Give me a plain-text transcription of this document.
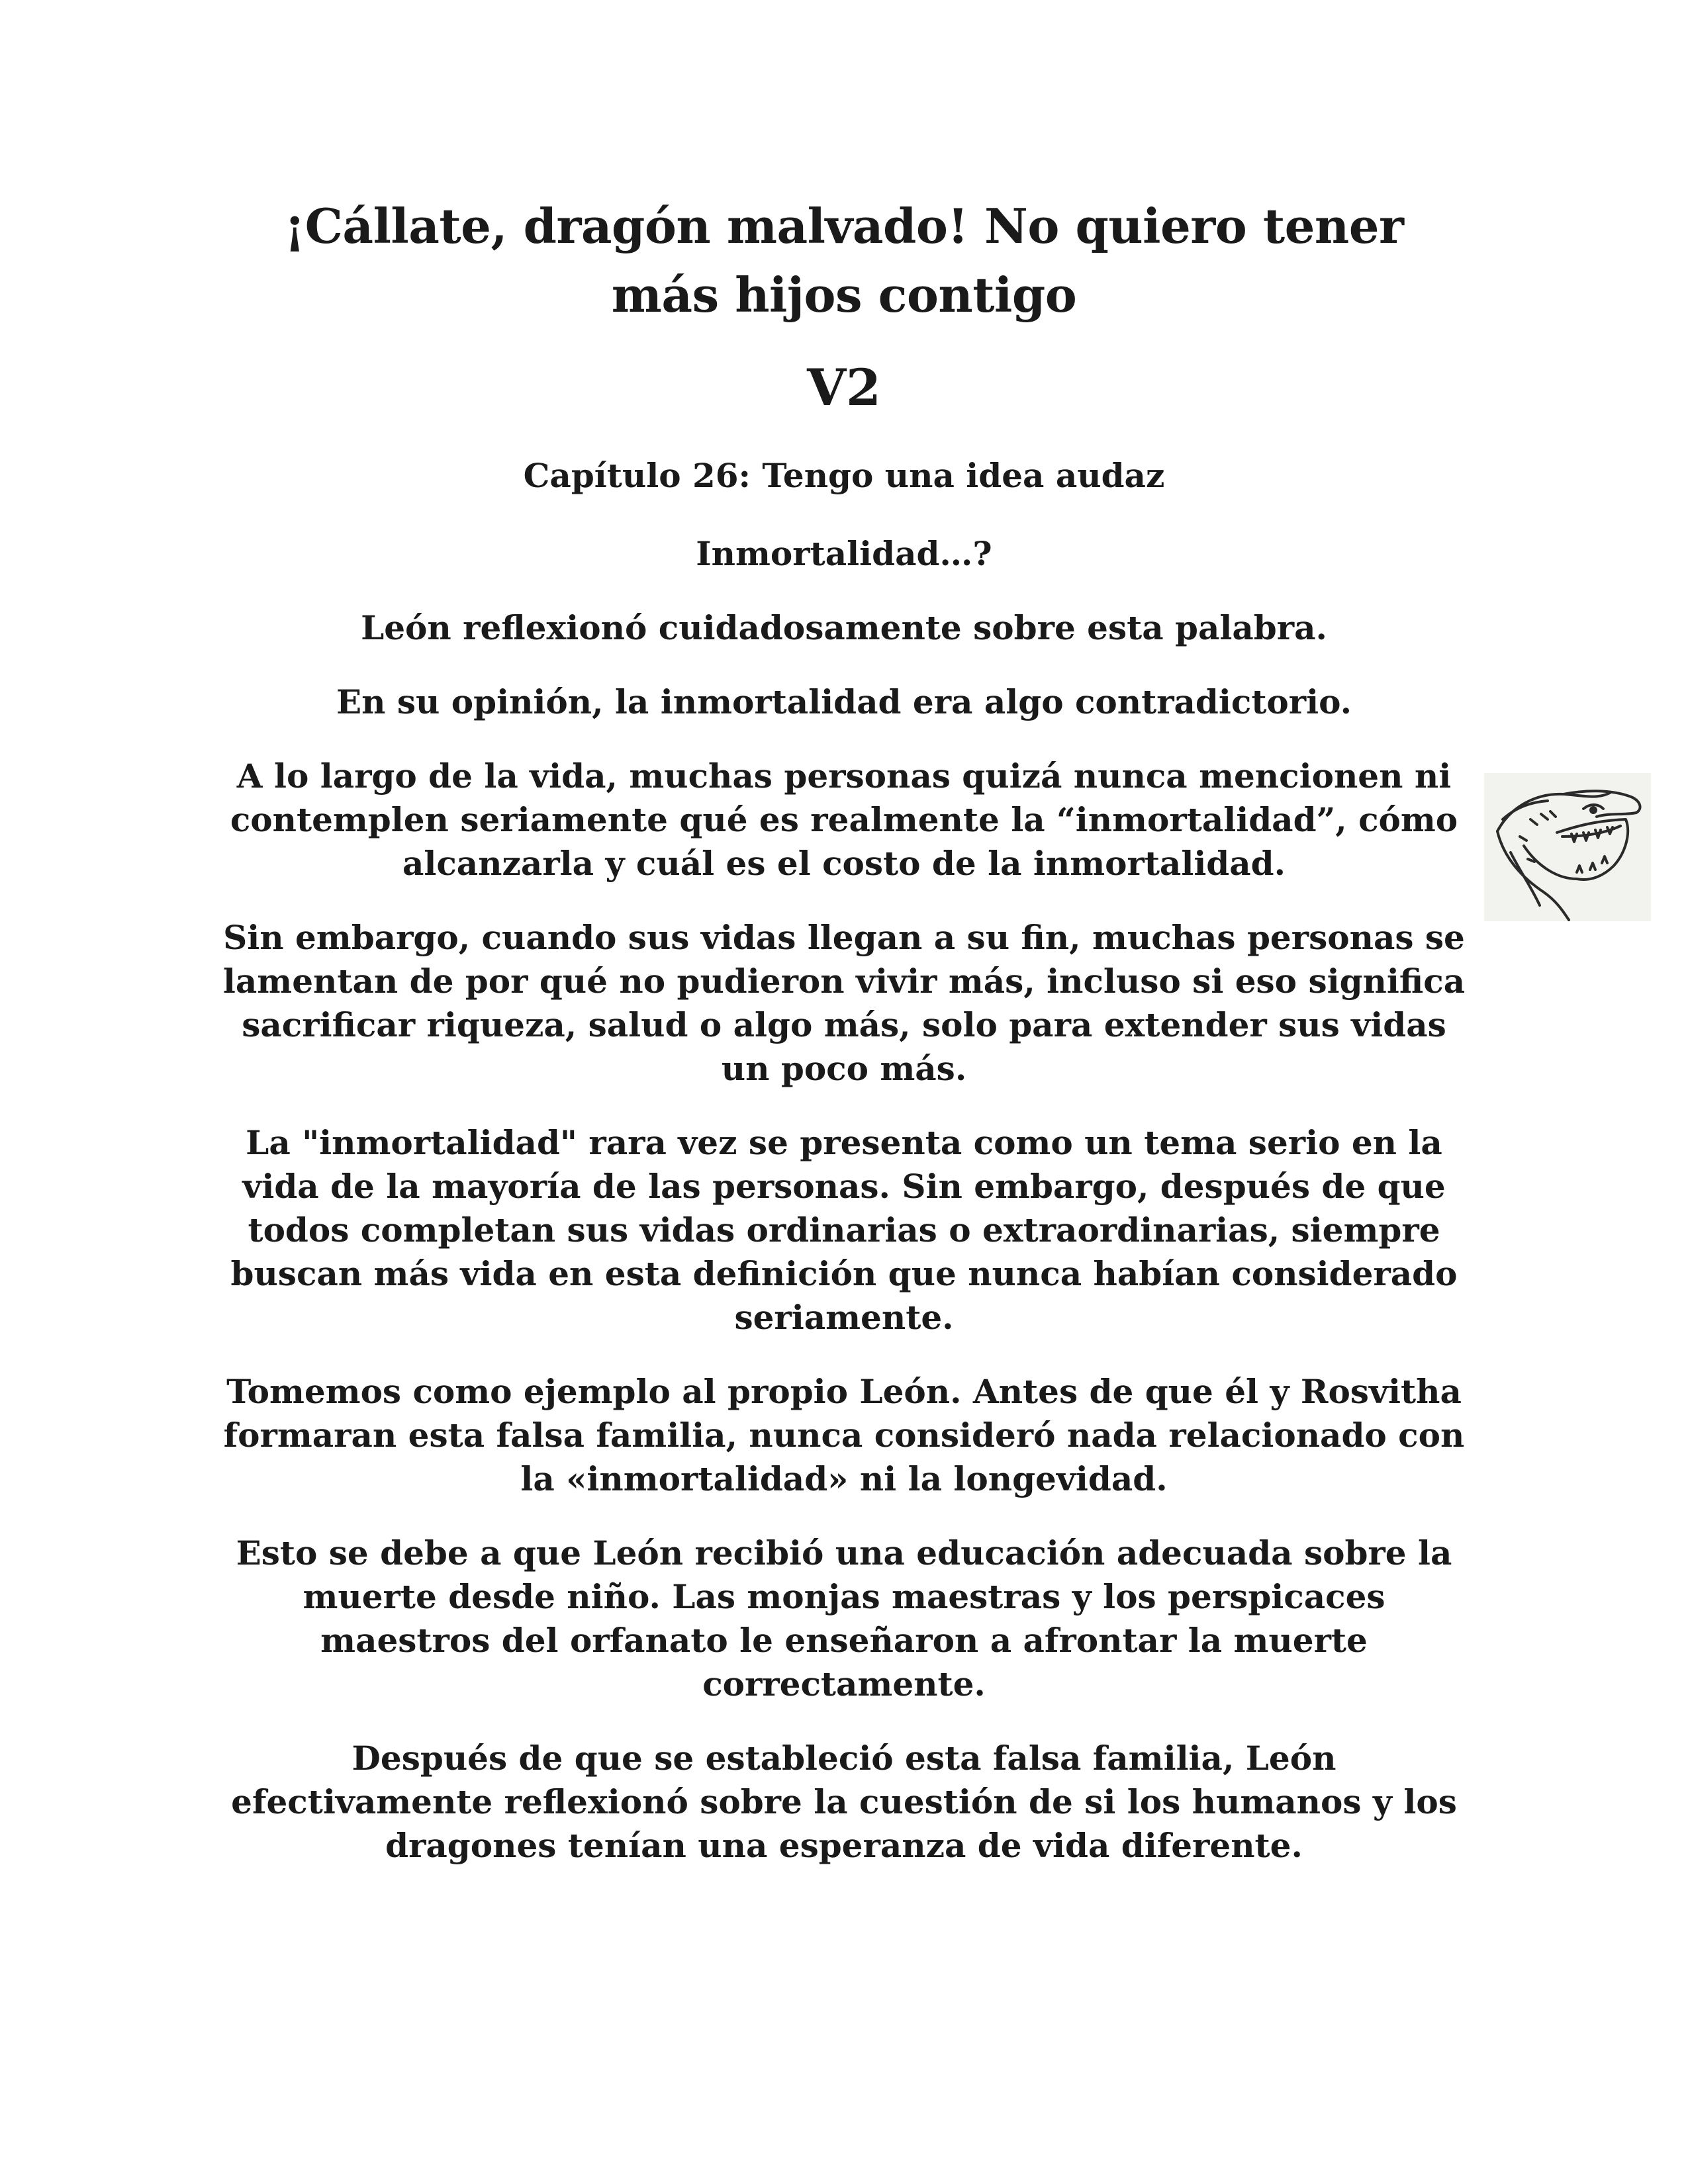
¡Cállate, dragón malvado! No quiero tener
más hijos contigo
V2
Capítulo 26: Tengo una idea audaz
Inmortalidad…?
León reflexionó cuidadosamente sobre esta palabra.
En su opinión, la inmortalidad era algo contradictorio.
A lo largo de la vida, muchas personas quizá nunca mencionen ni contemplen seriamente qué es realmente la “inmortalidad”, cómo alcanzarla y cuál es el costo de la inmortalidad.
Sin embargo, cuando sus vidas llegan a su fin, muchas personas se lamentan de por qué no pudieron vivir más, incluso si eso significa sacrificar riqueza, salud o algo más, solo para extender sus vidas un poco más.
La "inmortalidad" rara vez se presenta como un tema serio en la vida de la mayoría de las personas. Sin embargo, después de que todos completan sus vidas ordinarias o extraordinarias, siempre buscan más vida en esta definición que nunca habían considerado seriamente.
Tomemos como ejemplo al propio León. Antes de que él y Rosvitha formaran esta falsa familia, nunca consideró nada relacionado con la «inmortalidad» ni la longevidad.
Esto se debe a que León recibió una educación adecuada sobre la muerte desde niño. Las monjas maestras y los perspicaces maestros del orfanato le enseñaron a afrontar la muerte correctamente.
Después de que se estableció esta falsa familia, León efectivamente reflexionó sobre la cuestión de si los humanos y los dragones tenían una esperanza de vida diferente.
